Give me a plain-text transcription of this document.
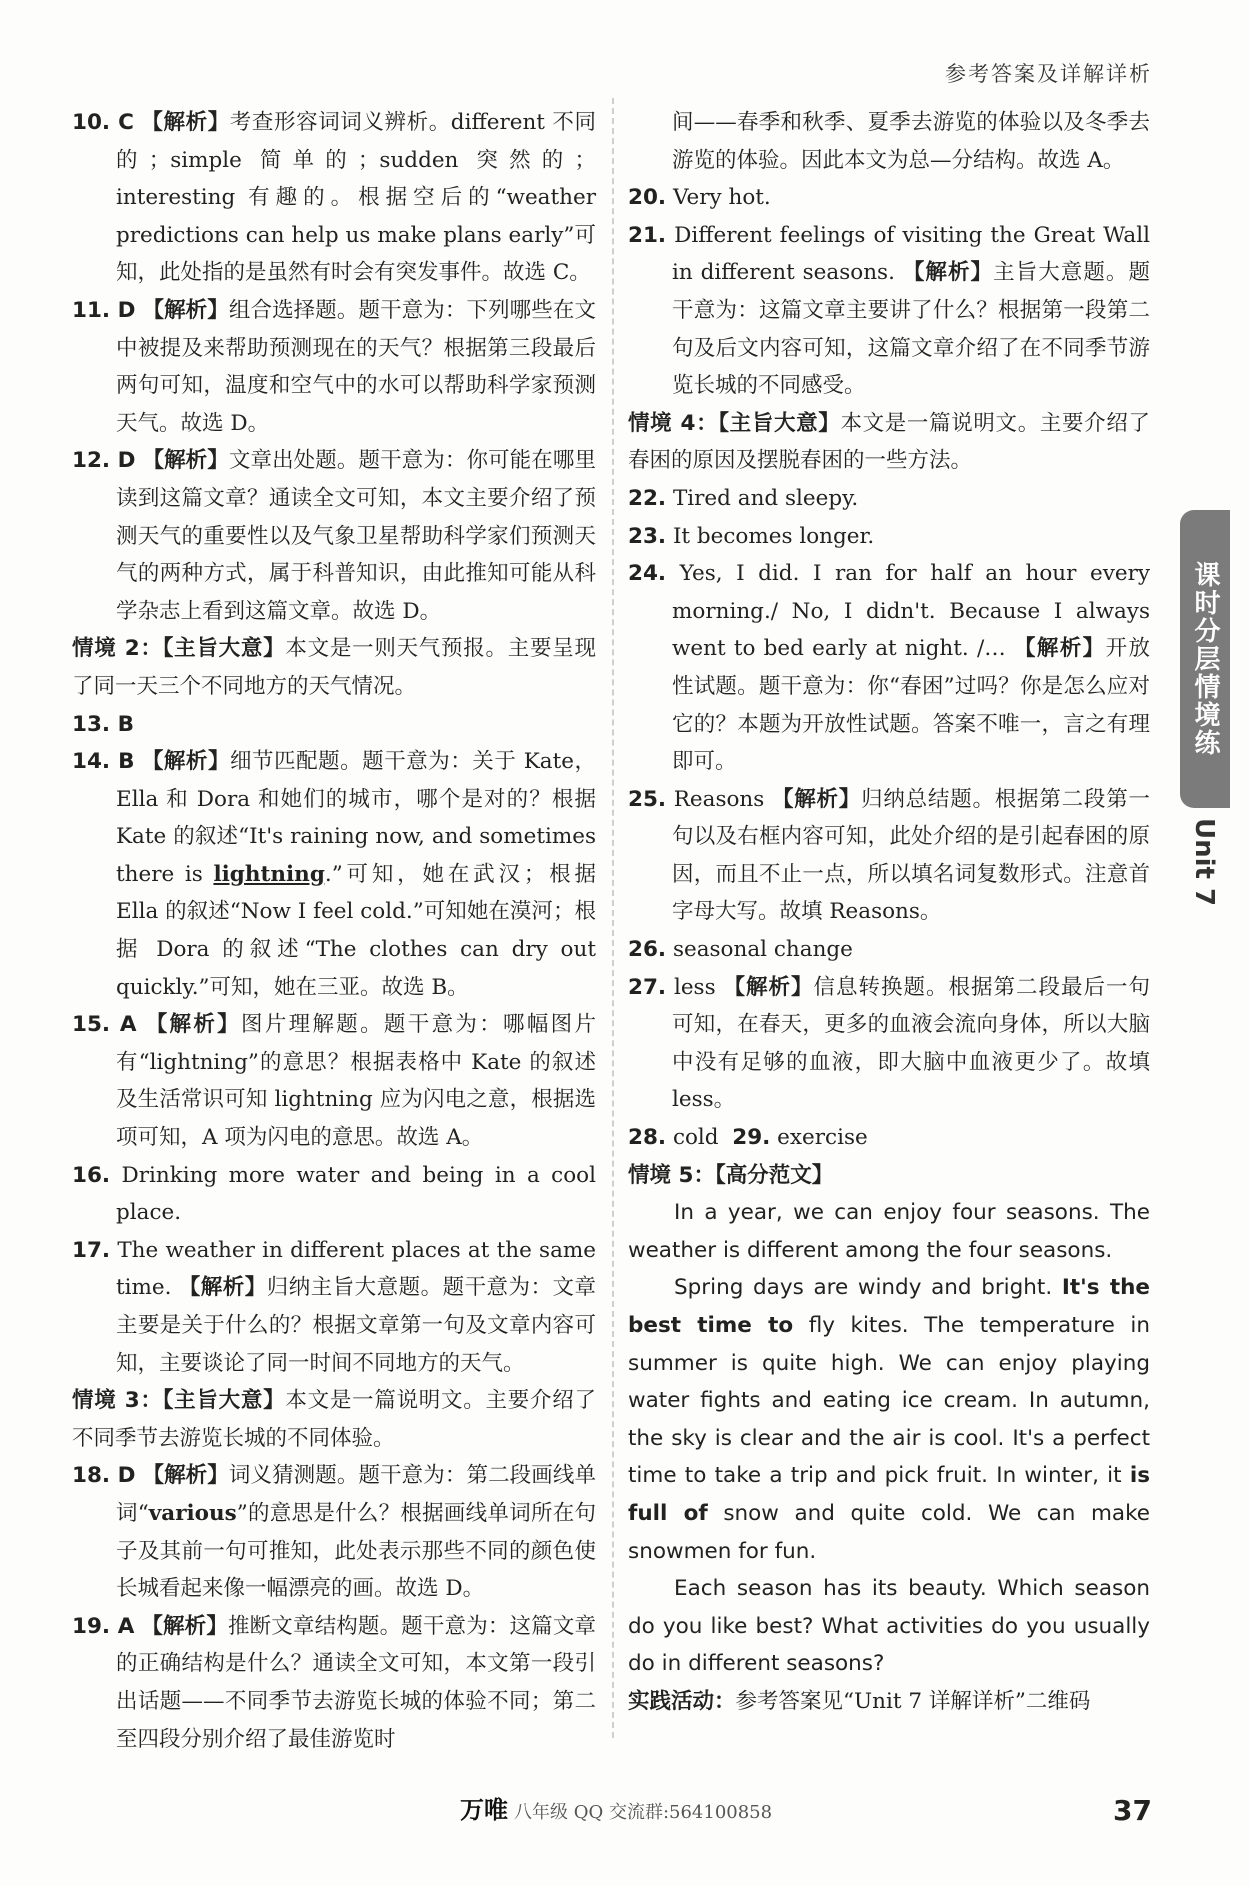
参考答案及详解详析

10. C 【解析】考查形容词词义辨析。different 不同的；simple 简单的；sudden 突然的；interesting 有趣的。根据空后的“weather predictions can help us make plans early”可知，此处指的是虽然有时会有突发事件。故选 C。

11. D 【解析】组合选择题。题干意为：下列哪些在文中被提及来帮助预测现在的天气？根据第三段最后两句可知，温度和空气中的水可以帮助科学家预测天气。故选 D。

12. D 【解析】文章出处题。题干意为：你可能在哪里读到这篇文章？通读全文可知，本文主要介绍了预测天气的重要性以及气象卫星帮助科学家们预测天气的两种方式，属于科普知识，由此推知可能从科学杂志上看到这篇文章。故选 D。

情境 2：【主旨大意】本文是一则天气预报。主要呈现了同一天三个不同地方的天气情况。

13. B

14. B 【解析】细节匹配题。题干意为：关于 Kate，Ella 和 Dora 和她们的城市，哪个是对的？根据 Kate 的叙述“It's raining now, and sometimes there is lightning.”可知，她在武汉；根据 Ella 的叙述“Now I feel cold.”可知她在漠河；根据 Dora 的叙述“The clothes can dry out quickly.”可知，她在三亚。故选 B。

15. A 【解析】图片理解题。题干意为：哪幅图片有“lightning”的意思？根据表格中 Kate 的叙述及生活常识可知 lightning 应为闪电之意，根据选项可知，A 项为闪电的意思。故选 A。

16. Drinking more water and being in a cool place.

17. The weather in different places at the same time. 【解析】归纳主旨大意题。题干意为：文章主要是关于什么的？根据文章第一句及文章内容可知，主要谈论了同一时间不同地方的天气。

情境 3：【主旨大意】本文是一篇说明文。主要介绍了不同季节去游览长城的不同体验。

18. D 【解析】词义猜测题。题干意为：第二段画线单词“various”的意思是什么？根据画线单词所在句子及其前一句可推知，此处表示那些不同的颜色使长城看起来像一幅漂亮的画。故选 D。

19. A 【解析】推断文章结构题。题干意为：这篇文章的正确结构是什么？通读全文可知，本文第一段引出话题——不同季节去游览长城的体验不同；第二至四段分别介绍了最佳游览时

间——春季和秋季、夏季去游览的体验以及冬季去游览的体验。因此本文为总—分结构。故选 A。

20. Very hot.

21. Different feelings of visiting the Great Wall in different seasons. 【解析】主旨大意题。题干意为：这篇文章主要讲了什么？根据第一段第二句及后文内容可知，这篇文章介绍了在不同季节游览长城的不同感受。

情境 4：【主旨大意】本文是一篇说明文。主要介绍了春困的原因及摆脱春困的一些方法。

22. Tired and sleepy.

23. It becomes longer.

24. Yes, I did. I ran for half an hour every morning./ No, I didn't. Because I always went to bed early at night. /… 【解析】开放性试题。题干意为：你“春困”过吗？你是怎么应对它的？本题为开放性试题。答案不唯一，言之有理即可。

25. Reasons 【解析】归纳总结题。根据第二段第一句以及右框内容可知，此处介绍的是引起春困的原因，而且不止一点，所以填名词复数形式。注意首字母大写。故填 Reasons。

26. seasonal change

27. less 【解析】信息转换题。根据第二段最后一句可知，在春天，更多的血液会流向身体，所以大脑中没有足够的血液，即大脑中血液更少了。故填 less。

28. cold 29. exercise

情境 5：【高分范文】

In a year, we can enjoy four seasons. The weather is different among the four seasons.

Spring days are windy and bright. It's the best time to fly kites. The temperature in summer is quite high. We can enjoy playing water fights and eating ice cream. In autumn, the sky is clear and the air is cool. It's a perfect time to take a trip and pick fruit. In winter, it is full of snow and quite cold. We can make snowmen for fun.

Each season has its beauty. Which season do you like best? What activities do you usually do in different seasons?

实践活动：参考答案见“Unit 7 详解详析”二维码

课时分层情境练
Unit 7
万唯 八年级 QQ 交流群:564100858	37
